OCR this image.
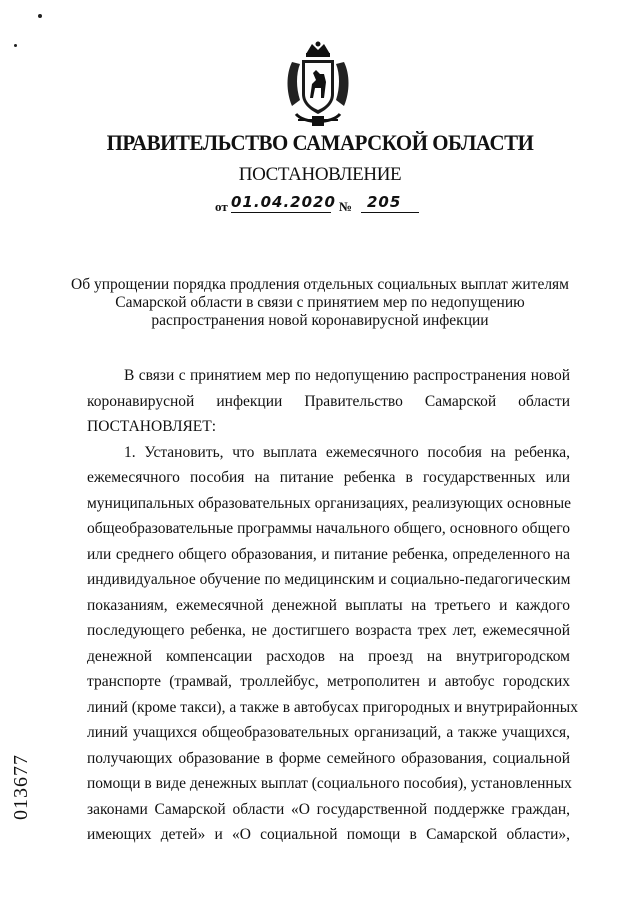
ПРАВИТЕЛЬСТВО САМАРСКОЙ ОБЛАСТИ
ПОСТАНОВЛЕНИЕ
от 01.04.2020 № 205
Об упрощении порядка продления отдельных социальных выплат жителям
Самарской области в связи с принятием мер по недопущению
распространения новой коронавирусной инфекции
В связи с принятием мер по недопущению распространения новой
коронавирусной инфекции Правительство Самарской области
ПОСТАНОВЛЯЕТ:
1. Установить, что выплата ежемесячного пособия на ребенка,
ежемесячного пособия на питание ребенка в государственных или
муниципальных образовательных организациях, реализующих основные
общеобразовательные программы начального общего, основного общего
или среднего общего образования, и питание ребенка, определенного на
индивидуальное обучение по медицинским и социально-педагогическим
показаниям, ежемесячной денежной выплаты на третьего и каждого
последующего ребенка, не достигшего возраста трех лет, ежемесячной
денежной компенсации расходов на проезд на внутригородском
транспорте (трамвай, троллейбус, метрополитен и автобус городских
линий (кроме такси), а также в автобусах пригородных и внутрирайонных
линий учащихся общеобразовательных организаций, а также учащихся,
получающих образование в форме семейного образования, социальной
помощи в виде денежных выплат (социального пособия), установленных
законами Самарской области «О государственной поддержке граждан,
имеющих детей» и «О социальной помощи в Самарской области»,
013677
